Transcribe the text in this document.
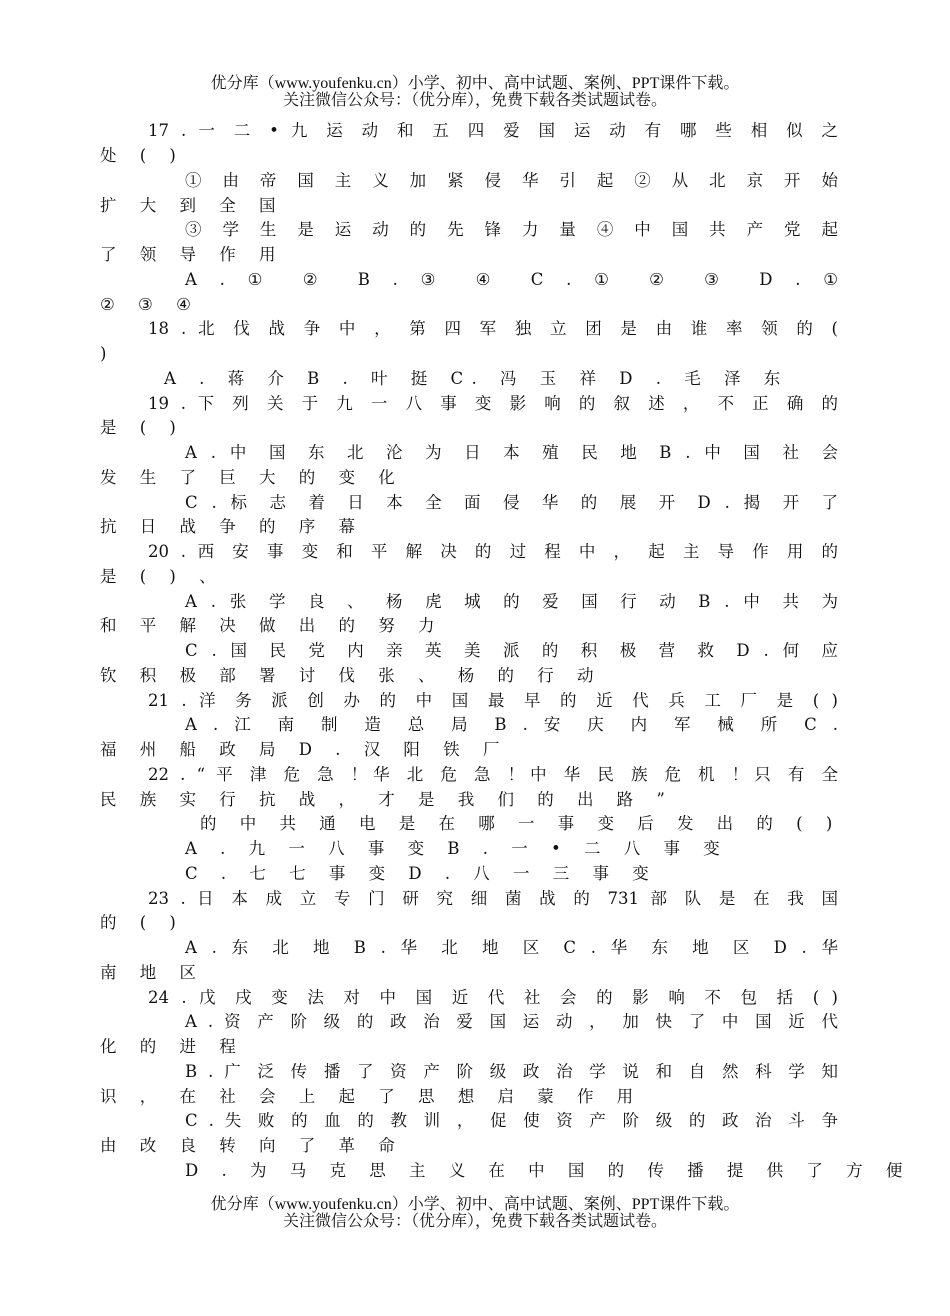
优分库（www.youfenku.cn）小学、初中、高中试题、案例、PPT课件下载。
关注微信公众号：（优分库），免费下载各类试题试卷。
17 . 一 二 • 九 运 动 和 五 四 爱 国 运 动 有 哪 些 相 似 之
处 ( )
① 由 帝 国 主 义 加 紧 侵 华 引 起 ② 从 北 京 开 始
扩 大 到 全 国
③ 学 生 是 运 动 的 先 锋 力 量 ④ 中 国 共 产 党 起
了 领 导 作 用
A . ① ② B . ③ ④ C . ① ② ③ D . ①
② ③ ④
18 . 北 伐 战 争 中 ， 第 四 军 独 立 团 是 由 谁 率 领 的 (
)
A . 蒋 介 B . 叶 挺 C. 冯 玉 祥 D . 毛 泽 东
19 . 下 列 关 于 九 一 八 事 变 影 响 的 叙 述 ， 不 正 确 的
是 ( )
A . 中 国 东 北 沦 为 日 本 殖 民 地 B . 中 国 社 会
发 生 了 巨 大 的 变 化
C . 标 志 着 日 本 全 面 侵 华 的 展 开 D . 揭 开 了
抗 日 战 争 的 序 幕
20 . 西 安 事 变 和 平 解 决 的 过 程 中 ， 起 主 导 作 用 的
是 ( ) 、
A . 张 学 良 、 杨 虎 城 的 爱 国 行 动 B . 中 共 为
和 平 解 决 做 出 的 努 力
C . 国 民 党 内 亲 英 美 派 的 积 极 营 救 D . 何 应
钦 积 极 部 署 讨 伐 张 、 杨 的 行 动
21 . 洋 务 派 创 办 的 中 国 最 早 的 近 代 兵 工 厂 是 ( )
A . 江 南 制 造 总 局 B . 安 庆 内 军 械 所 C .
福 州 船 政 局 D . 汉 阳 铁 厂
22 . “ 平 津 危 急 ！华 北 危 急 ！中 华 民 族 危 机 ！只 有 全
民 族 实 行 抗 战 ， 才 是 我 们 的 出 路 ”
的 中 共 通 电 是 在 哪 一 事 变 后 发 出 的 ( )
A . 九 一 八 事 变 B . 一 • 二 八 事 变
C . 七 七 事 变 D . 八 一 三 事 变
23 . 日 本 成 立 专 门 研 究 细 菌 战 的 731 部 队 是 在 我 国
的 ( )
A . 东 北 地 B . 华 北 地 区 C . 华 东 地 区 D . 华
南 地 区
24 . 戊 戌 变 法 对 中 国 近 代 社 会 的 影 响 不 包 括 ( )
A . 资 产 阶 级 的 政 治 爱 国 运 动 ， 加 快 了 中 国 近 代
化 的 进 程
B . 广 泛 传 播 了 资 产 阶 级 政 治 学 说 和 自 然 科 学 知
识 ， 在 社 会 上 起 了 思 想 启 蒙 作 用
C . 失 败 的 血 的 教 训 ， 促 使 资 产 阶 级 的 政 治 斗 争
由 改 良 转 向 了 革 命
D . 为 马 克 思 主 义 在 中 国 的 传 播 提 供 了 方 便
优分库（www.youfenku.cn）小学、初中、高中试题、案例、PPT课件下载。
关注微信公众号：（优分库），免费下载各类试题试卷。
